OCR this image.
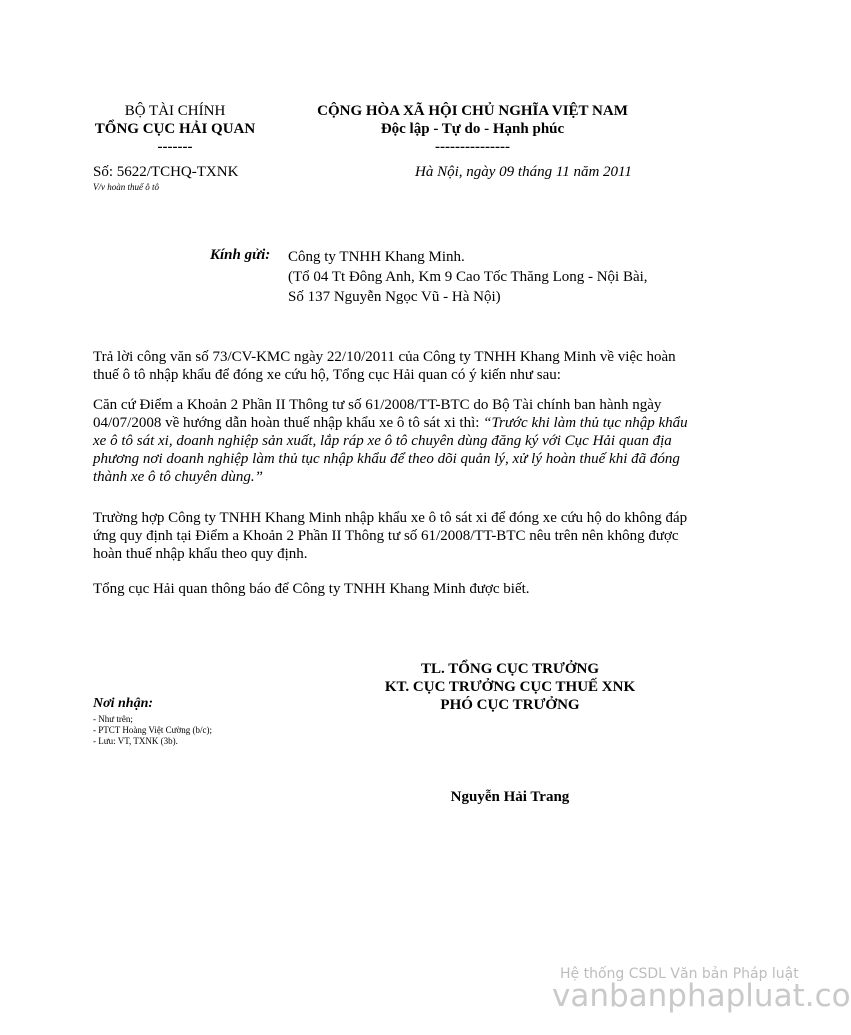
BỘ TÀI CHÍNH
TỔNG CỤC HẢI QUAN
-------
CỘNG HÒA XÃ HỘI CHỦ NGHĨA VIỆT NAM
Độc lập - Tự do - Hạnh phúc
---------------
Số: 5622/TCHQ-TXNK
V/v hoàn thuế ô tô
Hà Nội, ngày 09 tháng 11 năm 2011
Kính gửi: Công ty TNHH Khang Minh.
(Tổ 04 Tt Đông Anh, Km 9 Cao Tốc Thăng Long - Nội Bài, Số 137 Nguyễn Ngọc Vũ - Hà Nội)
Trả lời công văn số 73/CV-KMC ngày 22/10/2011 của Công ty TNHH Khang Minh về việc hoàn thuế ô tô nhập khẩu để đóng xe cứu hộ, Tổng cục Hải quan có ý kiến như sau:
Căn cứ Điểm a Khoản 2 Phần II Thông tư số 61/2008/TT-BTC do Bộ Tài chính ban hành ngày 04/07/2008 về hướng dẫn hoàn thuế nhập khẩu xe ô tô sát xi thì: “Trước khi làm thủ tục nhập khẩu xe ô tô sát xi, doanh nghiệp sản xuất, lắp ráp xe ô tô chuyên dùng đăng ký với Cục Hải quan địa phương nơi doanh nghiệp làm thủ tục nhập khẩu để theo dõi quản lý, xử lý hoàn thuế khi đã đóng thành xe ô tô chuyên dùng.”
Trường hợp Công ty TNHH Khang Minh nhập khẩu xe ô tô sát xi để đóng xe cứu hộ do không đáp ứng quy định tại Điểm a Khoản 2 Phần II Thông tư số 61/2008/TT-BTC nêu trên nên không được hoàn thuế nhập khẩu theo quy định.
Tổng cục Hải quan thông báo để Công ty TNHH Khang Minh được biết.
TL. TỔNG CỤC TRƯỞNG
KT. CỤC TRƯỞNG CỤC THUẾ XNK
PHÓ CỤC TRƯỞNG
Nơi nhận:
- Như trên;
- PTCT Hoàng Việt Cường (b/c);
- Lưu: VT, TXNK (3b).
Nguyễn Hải Trang
Hệ thống CSDL Văn bản Pháp luật
vanbanphapluat.co
